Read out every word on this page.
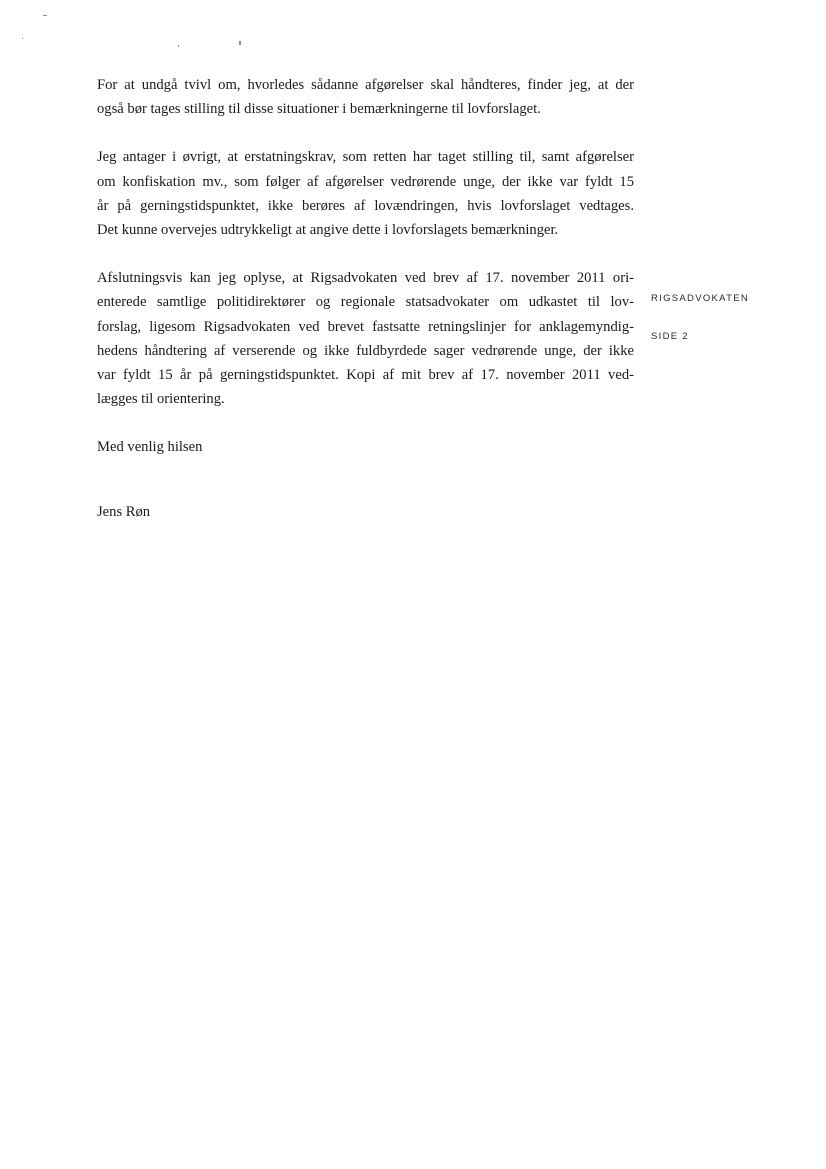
For at undgå tvivl om, hvorledes sådanne afgørelser skal håndteres, finder jeg, at der
også bør tages stilling til disse situationer i bemærkningerne til lovforslaget.
Jeg antager i øvrigt, at erstatningskrav, som retten har taget stilling til, samt afgørelser
om konfiskation mv., som følger af afgørelser vedrørende unge, der ikke var fyldt 15
år på gerningstidspunktet, ikke berøres af lovændringen, hvis lovforslaget vedtages.
Det kunne overvejes udtrykkeligt at angive dette i lovforslagets bemærkninger.
Afslutningsvis kan jeg oplyse, at Rigsadvokaten ved brev af 17. november 2011 ori-
enterede samtlige politidirektører og regionale statsadvokater om udkastet til lov-
forslag, ligesom Rigsadvokaten ved brevet fastsatte retningslinjer for anklagemyndig-
hedens håndtering af verserende og ikke fuldbyrdede sager vedrørende unge, der ikke
var fyldt 15 år på gerningstidspunktet. Kopi af mit brev af 17. november 2011 ved-
lægges til orientering.

Med venlig hilsen

Jens Røn

RIGSADVOKATEN
SIDE 2
